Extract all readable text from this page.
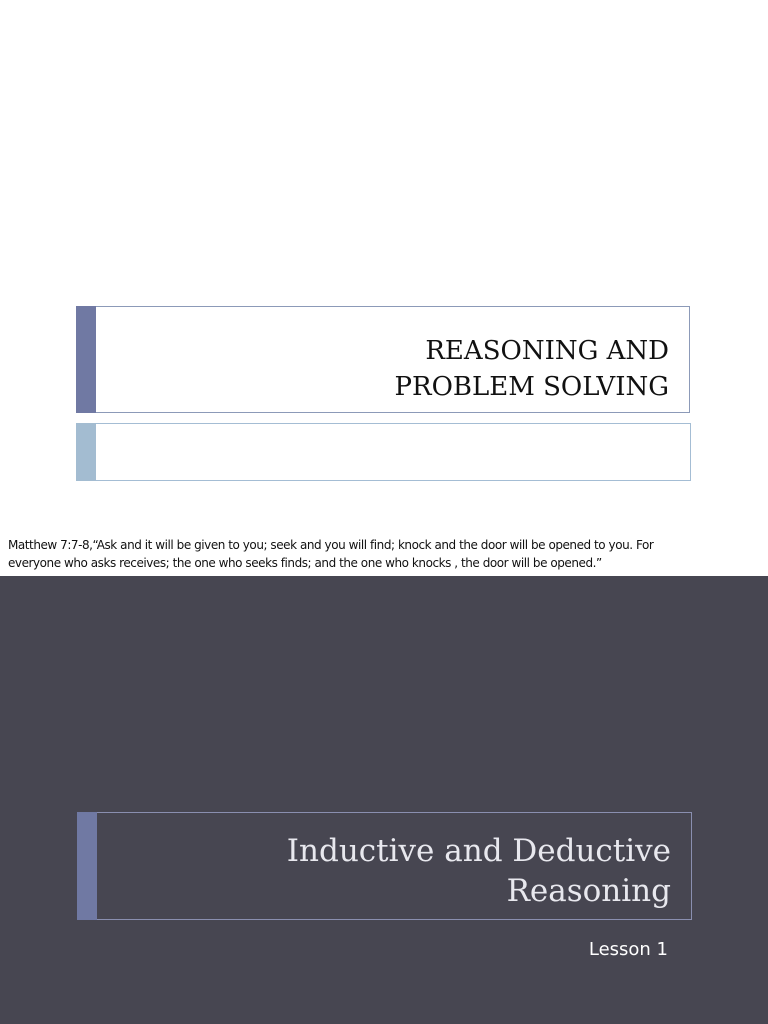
REASONING AND
PROBLEM SOLVING

Matthew 7:7-8,“Ask and it will be given to you; seek and you will find; knock and the door will be opened to you. For
everyone who asks receives; the one who seeks finds; and the one who knocks , the door will be opened.”

Inductive and Deductive
Reasoning

Lesson 1
